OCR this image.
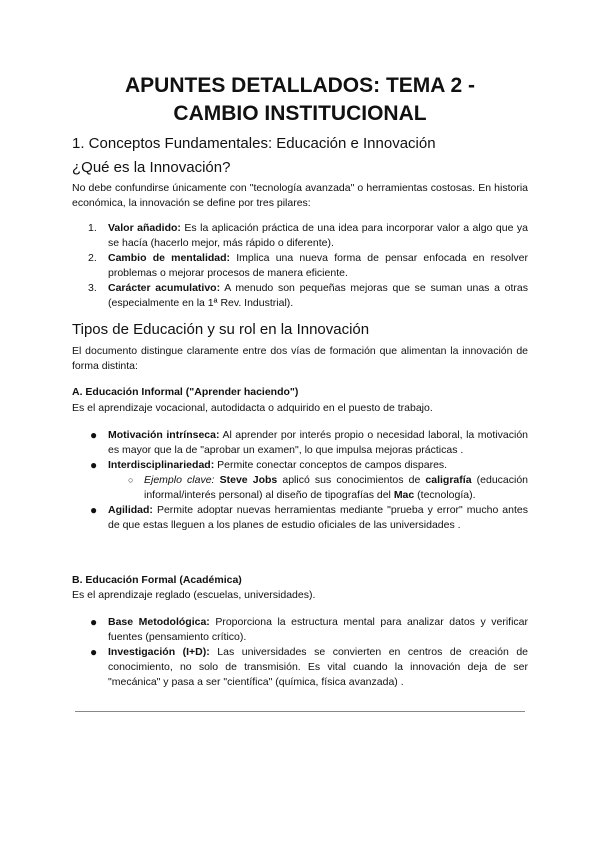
APUNTES DETALLADOS: TEMA 2 -
CAMBIO INSTITUCIONAL
1. Conceptos Fundamentales: Educación e Innovación
¿Qué es la Innovación?

No debe confundirse únicamente con "tecnología avanzada" o herramientas costosas. En historia económica, la innovación se define por tres pilares:

1. Valor añadido: Es la aplicación práctica de una idea para incorporar valor a algo que ya se hacía (hacerlo mejor, más rápido o diferente).
2. Cambio de mentalidad: Implica una nueva forma de pensar enfocada en resolver problemas o mejorar procesos de manera eficiente.
3. Carácter acumulativo: A menudo son pequeñas mejoras que se suman unas a otras (especialmente en la 1ª Rev. Industrial).
Tipos de Educación y su rol en la Innovación

El documento distingue claramente entre dos vías de formación que alimentan la innovación de forma distinta:

A. Educación Informal ("Aprender haciendo")

Es el aprendizaje vocacional, autodidacta o adquirido en el puesto de trabajo.

● Motivación intrínseca: Al aprender por interés propio o necesidad laboral, la motivación es mayor que la de "aprobar un examen", lo que impulsa mejoras prácticas .
● Interdisciplinariedad: Permite conectar conceptos de campos dispares.
○ Ejemplo clave: Steve Jobs aplicó sus conocimientos de caligrafía (educación informal/interés personal) al diseño de tipografías del Mac (tecnología).
● Agilidad: Permite adoptar nuevas herramientas mediante "prueba y error" mucho antes de que estas lleguen a los planes de estudio oficiales de las universidades .
B. Educación Formal (Académica)

Es el aprendizaje reglado (escuelas, universidades).

● Base Metodológica: Proporciona la estructura mental para analizar datos y verificar fuentes (pensamiento crítico).
● Investigación (I+D): Las universidades se convierten en centros de creación de conocimiento, no solo de transmisión. Es vital cuando la innovación deja de ser "mecánica" y pasa a ser "científica" (química, física avanzada) .
